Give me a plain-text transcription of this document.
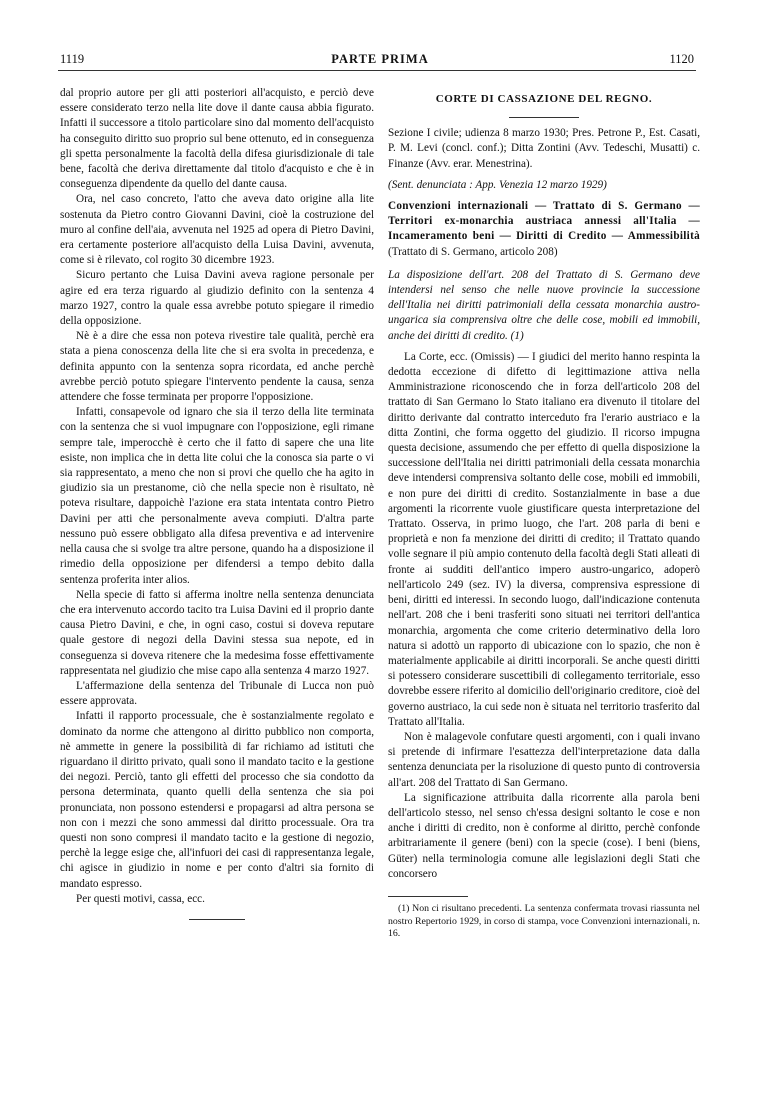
1119	PARTE PRIMA	1120

dal proprio autore per gli atti posteriori all'acquisto, e perciò deve essere considerato terzo nella lite dove il dante causa abbia figurato. Infatti il successore a titolo particolare sino dal momento dell'acquisto ha conseguito diritto suo proprio sul bene ottenuto, ed in conseguenza gli spetta personalmente la facoltà della difesa giurisdizionale di tale bene, facoltà che deriva direttamente dal titolo d'acquisto e che è in conseguenza dipendente da quello del dante causa.

Ora, nel caso concreto, l'atto che aveva dato origine alla lite sostenuta da Pietro contro Giovanni Davini, cioè la costruzione del muro al confine dell'aia, avvenuta nel 1925 ad opera di Pietro Davini, era certamente posteriore all'acquisto della Luisa Davini, avvenuta, come si è rilevato, col rogito 30 dicembre 1923.

Sicuro pertanto che Luisa Davini aveva ragione personale per agire ed era terza riguardo al giudizio definito con la sentenza 4 marzo 1927, contro la quale essa avrebbe potuto spiegare il rimedio della opposizione.

Nè è a dire che essa non poteva rivestire tale qualità, perchè era stata a piena conoscenza della lite che si era svolta in precedenza, e definita appunto con la sentenza sopra ricordata, ed anche perchè avrebbe perciò potuto spiegare l'intervento pendente la causa, senza attendere che fosse terminata per proporre l'opposizione.

Infatti, consapevole od ignaro che sia il terzo della lite terminata con la sentenza che si vuol impugnare con l'opposizione, egli rimane sempre tale, imperocchè è certo che il fatto di sapere che una lite esiste, non implica che in detta lite colui che la conosca sia parte o vi sia rappresentato, a meno che non si provi che quello che ha agito in giudizio sia un prestanome, ciò che nella specie non è risultato, nè poteva risultare, dappoichè l'azione era stata intentata contro Pietro Davini per atti che personalmente aveva compiuti. D'altra parte nessuno può essere obbligato alla difesa preventiva e ad intervenire nella causa che si svolge tra altre persone, quando ha a disposizione il rimedio della opposizione per difendersi a tempo debito dalla sentenza proferita inter alios.

Nella specie di fatto si afferma inoltre nella sentenza denunciata che era intervenuto accordo tacito tra Luisa Davini ed il proprio dante causa Pietro Davini, e che, in ogni caso, costui si doveva reputare quale gestore di negozi della Davini stessa sua nepote, ed in conseguenza si doveva ritenere che la medesima fosse effettivamente rappresentata nel giudizio che mise capo alla sentenza 4 marzo 1927.

L'affermazione della sentenza del Tribunale di Lucca non può essere approvata.

Infatti il rapporto processuale, che è sostanzialmente regolato e dominato da norme che attengono al diritto pubblico non comporta, nè ammette in genere la possibilità di far richiamo ad istituti che riguardano il diritto privato, quali sono il mandato tacito e la gestione dei negozi. Perciò, tanto gli effetti del processo che sia condotto da persona determinata, quanto quelli della sentenza che sia poi pronunciata, non possono estendersi e propagarsi ad altra persona se non con i mezzi che sono ammessi dal diritto processuale. Ora tra questi non sono compresi il mandato tacito e la gestione di negozio, perchè la legge esige che, all'infuori dei casi di rappresentanza legale, chi agisce in giudizio in nome e per conto d'altri sia fornito di mandato espresso.

Per questi motivi, cassa, ecc.

CORTE DI CASSAZIONE DEL REGNO.

Sezione I civile; udienza 8 marzo 1930; Pres. Petrone P., Est. Casati, P. M. Levi (concl. conf.); Ditta Zontini (Avv. Tedeschi, Musatti) c. Finanze (Avv. erar. Menestrina).

(Sent. denunciata : App. Venezia 12 marzo 1929)

Convenzioni internazionali — Trattato di S. Germano — Territori ex-monarchia austriaca annessi all'Italia — Incameramento beni — Diritti di Credito — Ammessibilità (Trattato di S. Germano, articolo 208)

La disposizione dell'art. 208 del Trattato di S. Germano deve intendersi nel senso che nelle nuove provincie la successione dell'Italia nei diritti patrimoniali della cessata monarchia austro-ungarica sia comprensiva oltre che delle cose, mobili ed immobili, anche dei diritti di credito. (1)

La Corte, ecc. (Omissis) — I giudici del merito hanno respinta la dedotta eccezione di difetto di legittimazione attiva nella Amministrazione riconoscendo che in forza dell'articolo 208 del trattato di San Germano lo Stato italiano era divenuto il titolare del diritto derivante dal contratto interceduto fra l'erario austriaco e la ditta Zontini, che forma oggetto del giudizio. Il ricorso impugna questa decisione, assumendo che per effetto di quella disposizione la successione dell'Italia nei diritti patrimoniali della cessata monarchia deve intendersi comprensiva soltanto delle cose, mobili ed immobili, e non pure dei diritti di credito. Sostanzialmente in base a due argomenti la ricorrente vuole giustificare questa interpretazione del Trattato. Osserva, in primo luogo, che l'art. 208 parla di beni e proprietà e non fa menzione dei diritti di credito; il Trattato quando volle segnare il più ampio contenuto della facoltà degli Stati alleati di fronte ai sudditi dell'antico impero austro-ungarico, adoperò nell'articolo 249 (sez. IV) la diversa, comprensiva espressione di beni, diritti ed interessi. In secondo luogo, dall'indicazione contenuta nell'art. 208 che i beni trasferiti sono situati nei territori dell'antica monarchia, argomenta che come criterio determinativo della loro natura si adottò un rapporto di ubicazione con lo spazio, che non è materialmente applicabile ai diritti incorporali. Se anche questi diritti si potessero considerare suscettibili di collegamento territoriale, esso dovrebbe essere riferito al domicilio dell'originario creditore, cioè del governo austriaco, la cui sede non è situata nel territorio trasferito dal Trattato all'Italia.

Non è malagevole confutare questi argomenti, con i quali invano si pretende di infirmare l'esattezza dell'interpretazione data dalla sentenza denunciata per la risoluzione di questo punto di controversia all'art. 208 del Trattato di San Germano.

La significazione attribuita dalla ricorrente alla parola beni dell'articolo stesso, nel senso ch'essa designi soltanto le cose e non anche i diritti di credito, non è conforme al diritto, perchè confonde arbitrariamente il genere (beni) con la specie (cose). I beni (biens, Güter) nella terminologia comune alle legislazioni degli Stati che concorsero

(1) Non ci risultano precedenti. La sentenza confermata trovasi riassunta nel nostro Repertorio 1929, in corso di stampa, voce Convenzioni internazionali, n. 16.
